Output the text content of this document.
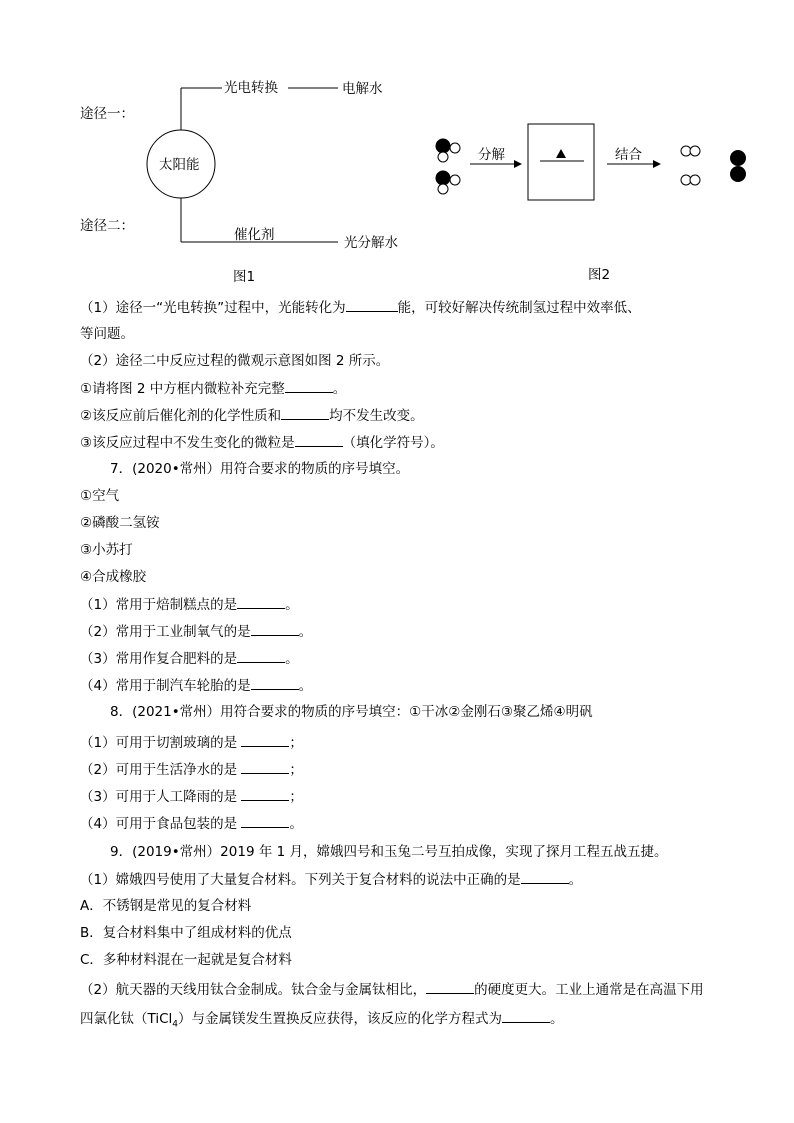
途径一：
途径二：
太阳能
光电转换	电解水
催化剂	光分解水
图1
分解	结合
图2
（1）途径一“光电转换”过程中，光能转化为	能，可较好解决传统制氢过程中效率低、
等问题。
（2）途径二中反应过程的微观示意图如图 2 所示。
①请将图 2 中方框内微粒补充完整	。
②该反应前后催化剂的化学性质和	均不发生改变。
③该反应过程中不发生变化的微粒是	（填化学符号）。
7．(2020•常州）用符合要求的物质的序号填空。
①空气
②磷酸二氢铵
③小苏打
④合成橡胶
（1）常用于焙制糕点的是	。
（2）常用于工业制氧气的是	。
（3）常用作复合肥料的是	。
（4）常用于制汽车轮胎的是	。
8．(2021•常州）用符合要求的物质的序号填空：①干冰②金刚石③聚乙烯④明矾
（1）可用于切割玻璃的是	；
（2）可用于生活净水的是	；
（3）可用于人工降雨的是	；
（4）可用于食品包装的是	。
9．(2019•常州）2019 年 1 月，嫦娥四号和玉兔二号互拍成像，实现了探月工程五战五捷。
（1）嫦娥四号使用了大量复合材料。下列关于复合材料的说法中正确的是	。
A．不锈钢是常见的复合材料
B．复合材料集中了组成材料的优点
C．多种材料混在一起就是复合材料
（2）航天器的天线用钛合金制成。钛合金与金属钛相比，	的硬度更大。工业上通常是在高温下用
四氯化钛（TiCl$_4$）与金属镁发生置换反应获得，该反应的化学方程式为	。
